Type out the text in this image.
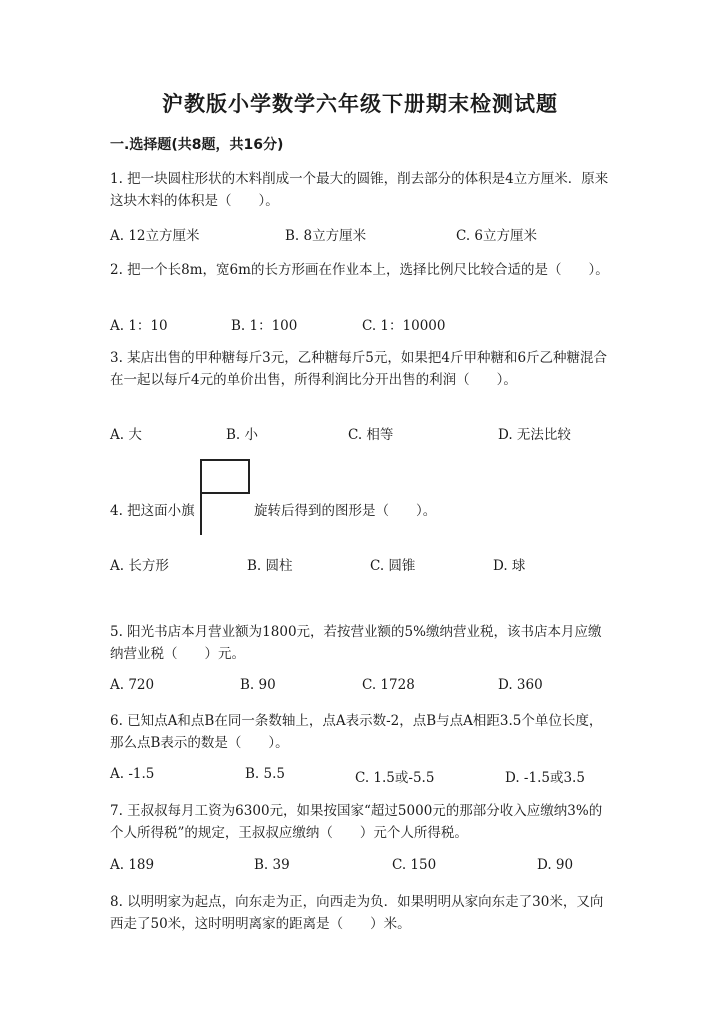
沪教版小学数学六年级下册期末检测试题
一.选择题(共8题，共16分)
1. 把一块圆柱形状的木料削成一个最大的圆锥，削去部分的体积是4立方厘米．原来这块木料的体积是（　　）。
A. 12立方厘米	B. 8立方厘米	C. 6立方厘米
2. 把一个长8m，宽6m的长方形画在作业本上，选择比例尺比较合适的是（　　）。
A. 1：10	B. 1：100	C. 1：10000
3. 某店出售的甲种糖每斤3元，乙种糖每斤5元，如果把4斤甲种糖和6斤乙种糖混合在一起以每斤4元的单价出售，所得利润比分开出售的利润（　　）。
A. 大	B. 小	C. 相等	D. 无法比较
4. 把这面小旗	旋转后得到的图形是（　　）。
A. 长方形	B. 圆柱	C. 圆锥	D. 球
5. 阳光书店本月营业额为1800元，若按营业额的5%缴纳营业税，该书店本月应缴纳营业税（　　）元。
A. 720	B. 90	C. 1728	D. 360
6. 已知点A和点B在同一条数轴上，点A表示数-2，点B与点A相距3.5个单位长度，那么点B表示的数是（　　）。
A. -1.5	B. 5.5	C. 1.5或-5.5	D. -1.5或3.5
7. 王叔叔每月工资为6300元，如果按国家“超过5000元的那部分收入应缴纳3%的个人所得税”的规定，王叔叔应缴纳（　　）元个人所得税。
A. 189	B. 39	C. 150	D. 90
8. 以明明家为起点，向东走为正，向西走为负．如果明明从家向东走了30米，又向西走了50米，这时明明离家的距离是（　　）米。
